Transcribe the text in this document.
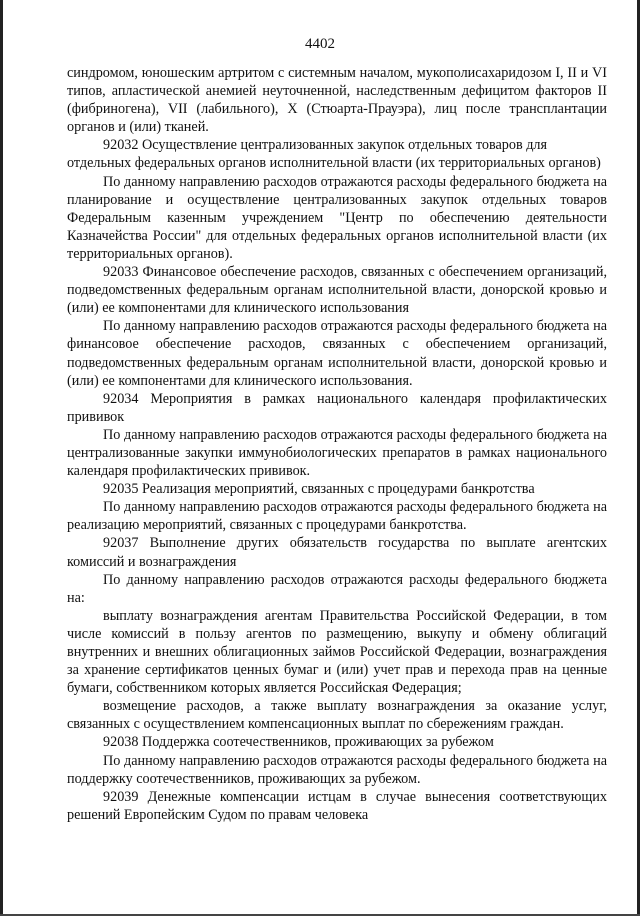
4402

синдромом, юношеским артритом с системным началом, мукополисахаридозом I, II и VI типов, апластической анемией неуточненной, наследственным дефицитом факторов II (фибриногена), VII (лабильного), X (Стюарта-Прауэра), лиц после трансплантации органов и (или) тканей.

92032 Осуществление централизованных закупок отдельных товаров для отдельных федеральных органов исполнительной власти (их территориальных органов)

По данному направлению расходов отражаются расходы федерального бюджета на планирование и осуществление централизованных закупок отдельных товаров Федеральным казенным учреждением "Центр по обеспечению деятельности Казначейства России" для отдельных федеральных органов исполнительной власти (их территориальных органов).

92033 Финансовое обеспечение расходов, связанных с обеспечением организаций, подведомственных федеральным органам исполнительной власти, донорской кровью и (или) ее компонентами для клинического использования

По данному направлению расходов отражаются расходы федерального бюджета на финансовое обеспечение расходов, связанных с обеспечением организаций, подведомственных федеральным органам исполнительной власти, донорской кровью и (или) ее компонентами для клинического использования.

92034 Мероприятия в рамках национального календаря профилактических прививок

По данному направлению расходов отражаются расходы федерального бюджета на централизованные закупки иммунобиологических препаратов в рамках национального календаря профилактических прививок.

92035 Реализация мероприятий, связанных с процедурами банкротства

По данному направлению расходов отражаются расходы федерального бюджета на реализацию мероприятий, связанных с процедурами банкротства.

92037 Выполнение других обязательств государства по выплате агентских комиссий и вознаграждения

По данному направлению расходов отражаются расходы федерального бюджета на:

выплату вознаграждения агентам Правительства Российской Федерации, в том числе комиссий в пользу агентов по размещению, выкупу и обмену облигаций внутренних и внешних облигационных займов Российской Федерации, вознаграждения за хранение сертификатов ценных бумаг и (или) учет прав и перехода прав на ценные бумаги, собственником которых является Российская Федерация;

возмещение расходов, а также выплату вознаграждения за оказание услуг, связанных с осуществлением компенсационных выплат по сбережениям граждан.

92038 Поддержка соотечественников, проживающих за рубежом

По данному направлению расходов отражаются расходы федерального бюджета на поддержку соотечественников, проживающих за рубежом.

92039 Денежные компенсации истцам в случае вынесения соответствующих решений Европейским Судом по правам человека
